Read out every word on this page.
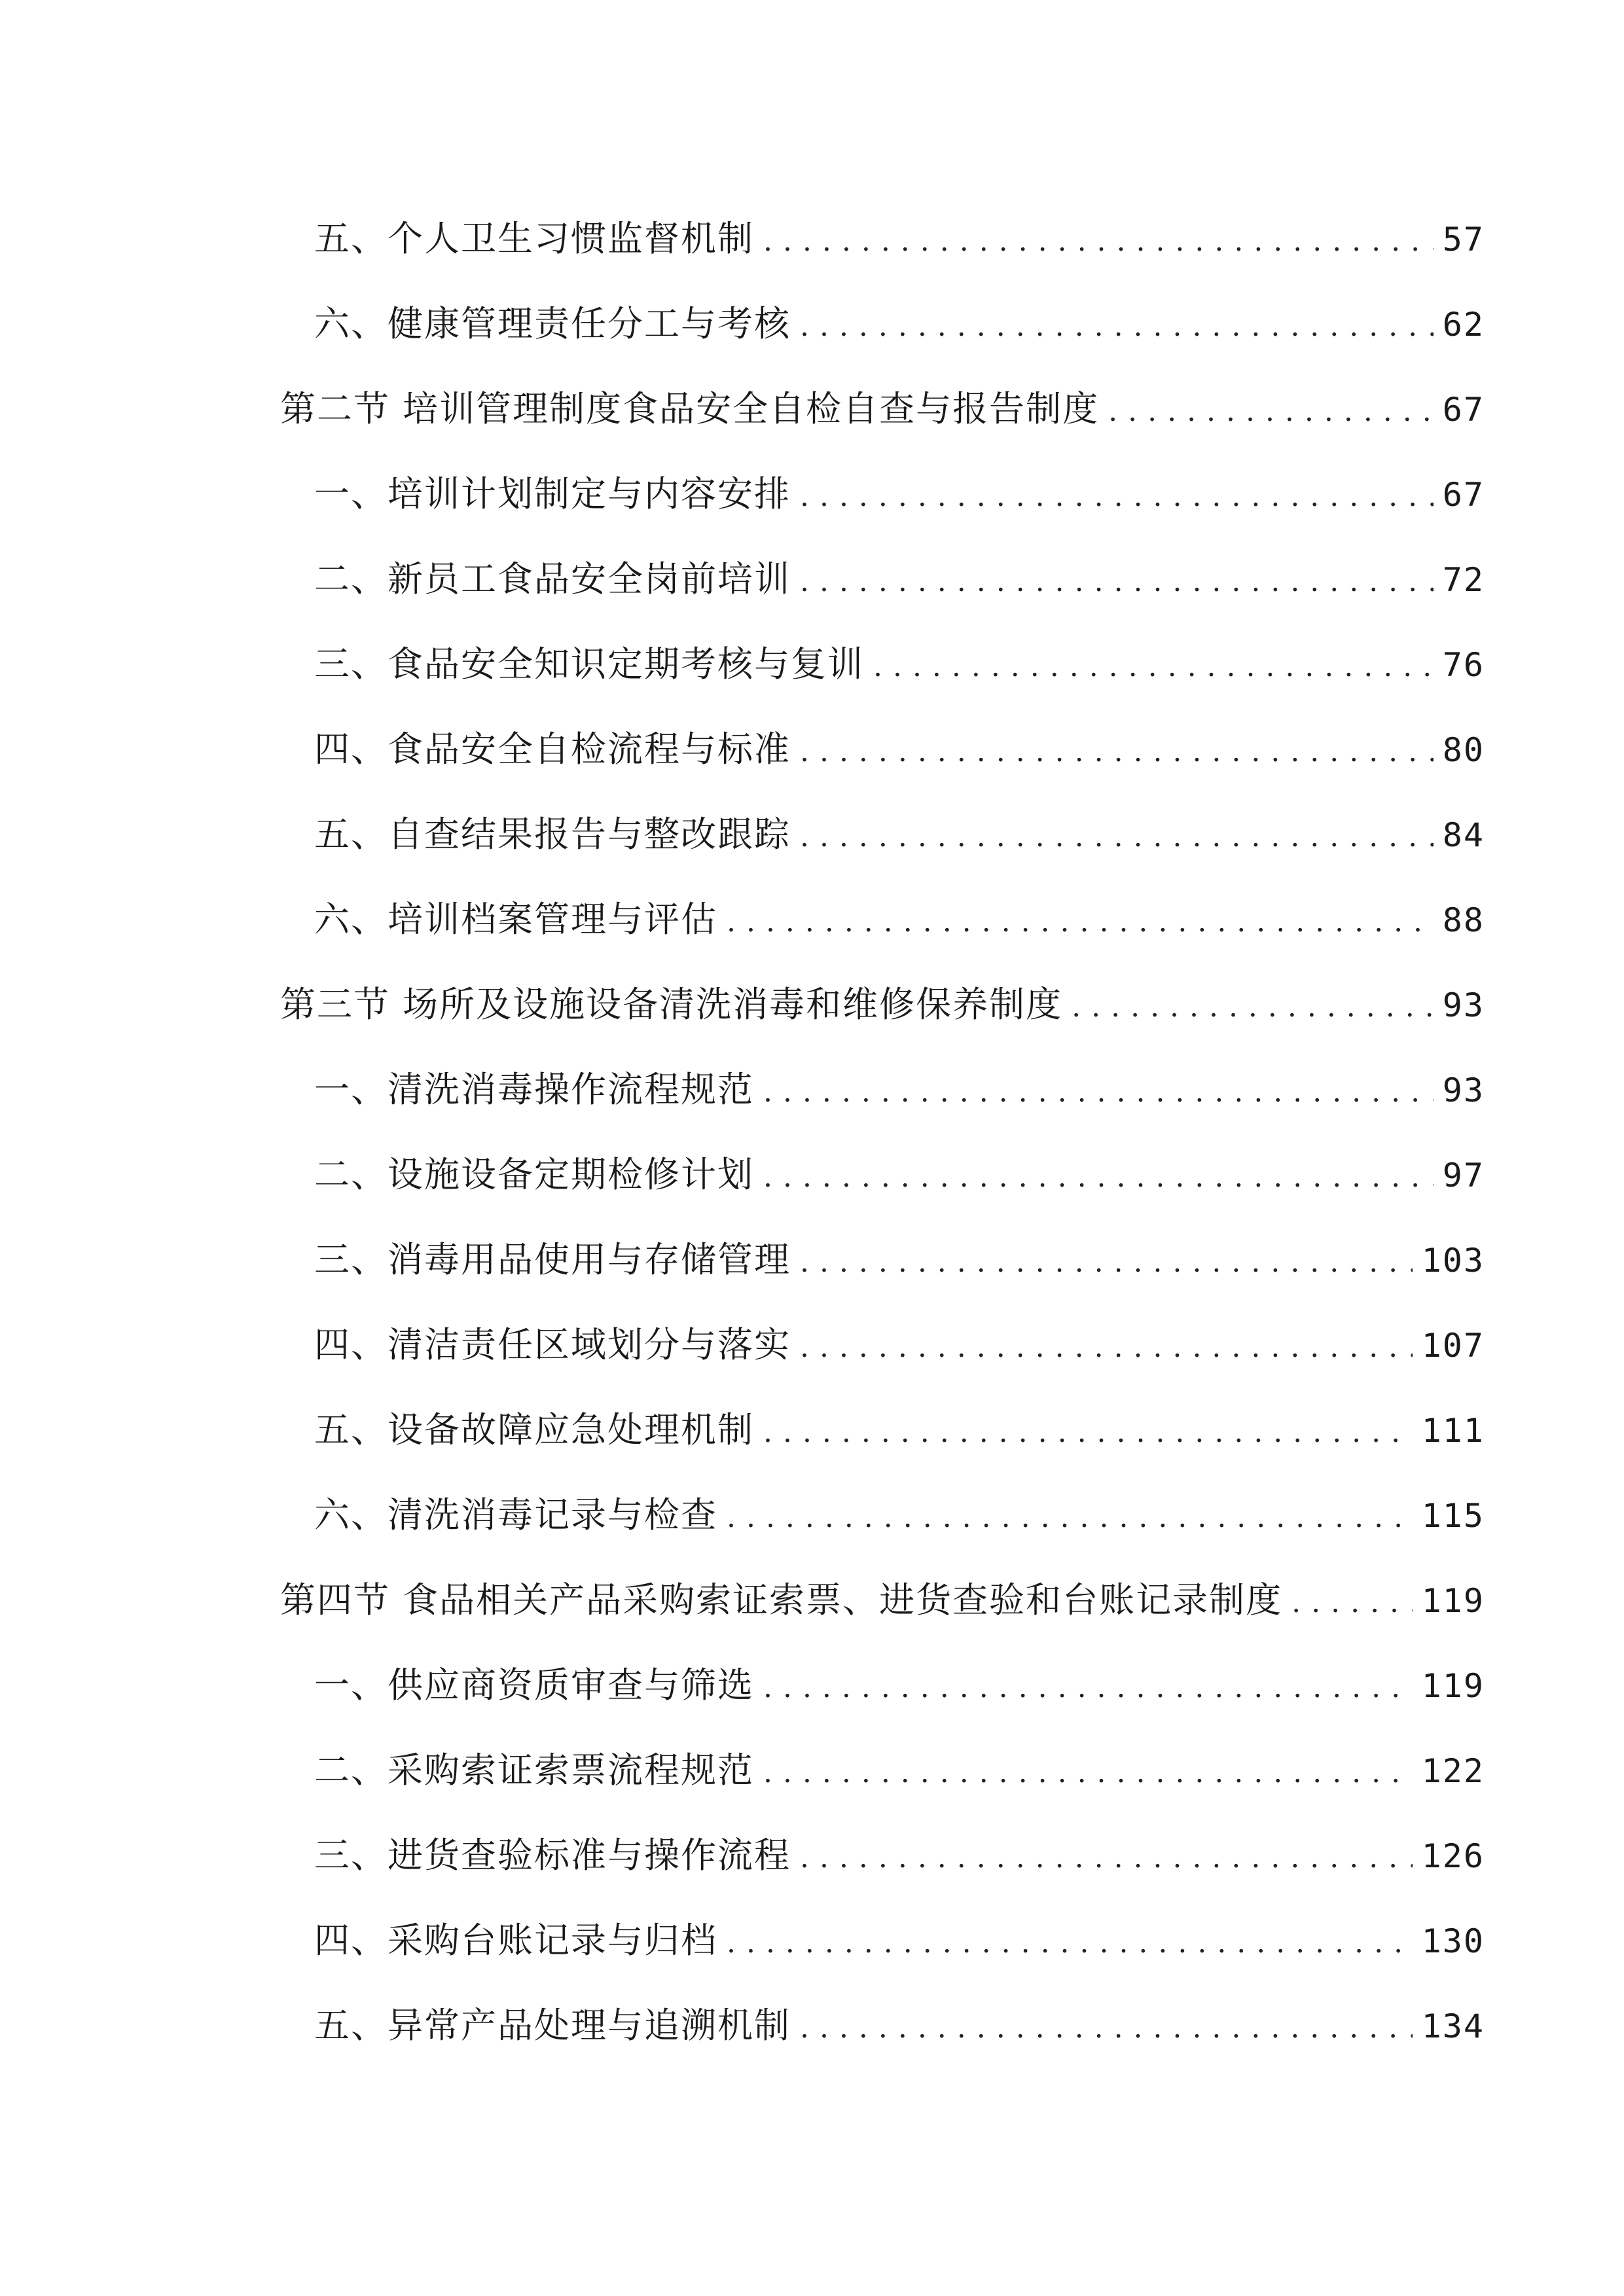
五、个人卫生习惯监督机制 . . .	57
六、健康管理责任分工与考核 . . .	62
第二节 培训管理制度食品安全自检自查与报告制度 . . .	67
一、培训计划制定与内容安排 . . .	67
二、新员工食品安全岗前培训 . . .	72
三、食品安全知识定期考核与复训 . . .	76
四、食品安全自检流程与标准 . . .	80
五、自查结果报告与整改跟踪 . . .	84
六、培训档案管理与评估 . . .	88
第三节 场所及设施设备清洗消毒和维修保养制度 . . .	93
一、清洗消毒操作流程规范 . . .	93
二、设施设备定期检修计划 . . .	97
三、消毒用品使用与存储管理 . . .	103
四、清洁责任区域划分与落实 . . .	107
五、设备故障应急处理机制 . . .	111
六、清洗消毒记录与检查 . . .	115
第四节 食品相关产品采购索证索票、进货查验和台账记录制度 . . .	119
一、供应商资质审查与筛选 . . .	119
二、采购索证索票流程规范 . . .	122
三、进货查验标准与操作流程 . . .	126
四、采购台账记录与归档 . . .	130
五、异常产品处理与追溯机制 . . .	134
